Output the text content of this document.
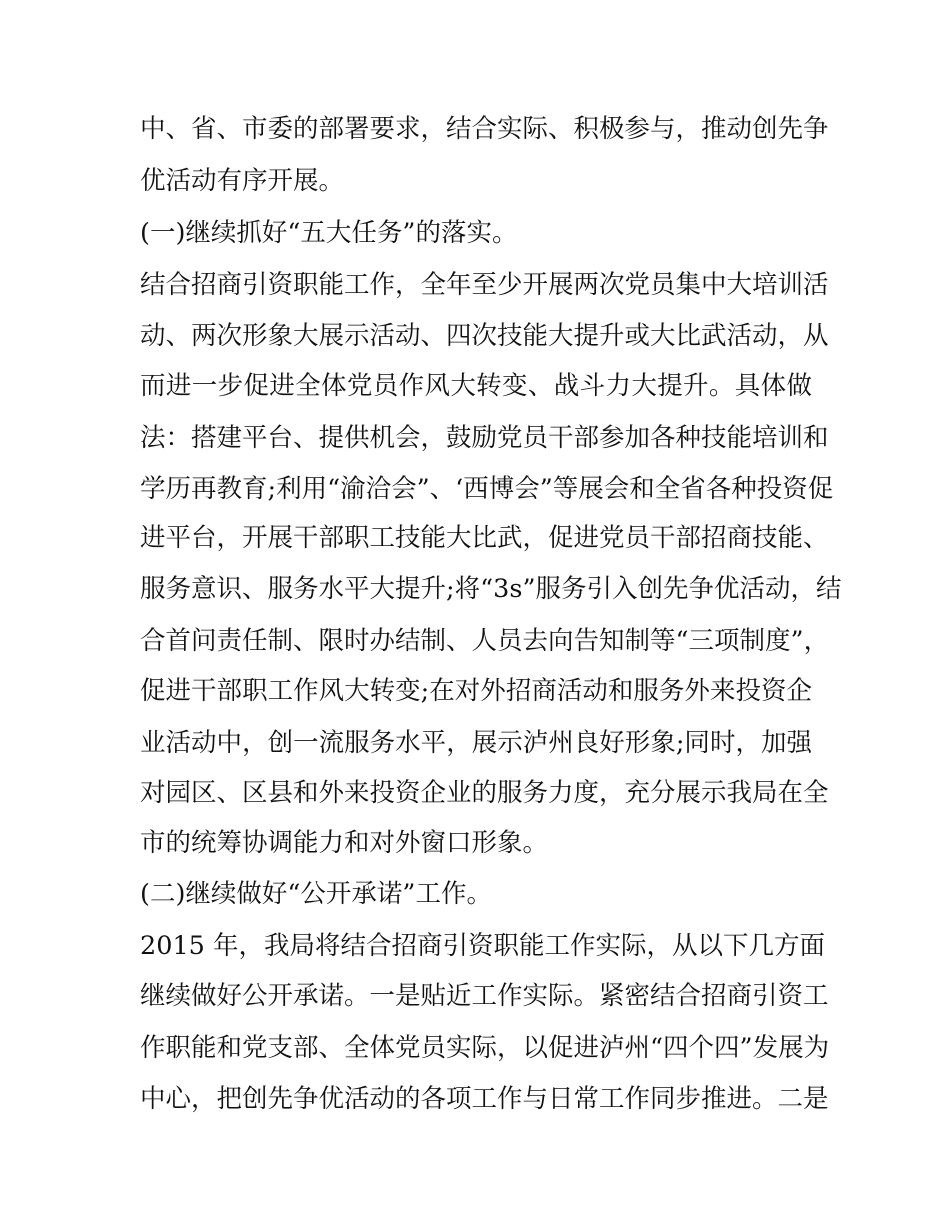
中、省、市委的部署要求，结合实际、积极参与，推动创先争
优活动有序开展。
(一)继续抓好“五大任务”的落实。
结合招商引资职能工作，全年至少开展两次党员集中大培训活
动、两次形象大展示活动、四次技能大提升或大比武活动，从
而进一步促进全体党员作风大转变、战斗力大提升。具体做
法：搭建平台、提供机会，鼓励党员干部参加各种技能培训和
学历再教育;利用“渝洽会”、‘西博会”等展会和全省各种投资促
进平台，开展干部职工技能大比武，促进党员干部招商技能、
服务意识、服务水平大提升;将“3s”服务引入创先争优活动，结
合首问责任制、限时办结制、人员去向告知制等“三项制度”，
促进干部职工作风大转变;在对外招商活动和服务外来投资企
业活动中，创一流服务水平，展示泸州良好形象;同时，加强
对园区、区县和外来投资企业的服务力度，充分展示我局在全
市的统筹协调能力和对外窗口形象。
(二)继续做好“公开承诺”工作。
2015 年，我局将结合招商引资职能工作实际，从以下几方面
继续做好公开承诺。一是贴近工作实际。紧密结合招商引资工
作职能和党支部、全体党员实际，以促进泸州“四个四”发展为
中心，把创先争优活动的各项工作与日常工作同步推进。二是
